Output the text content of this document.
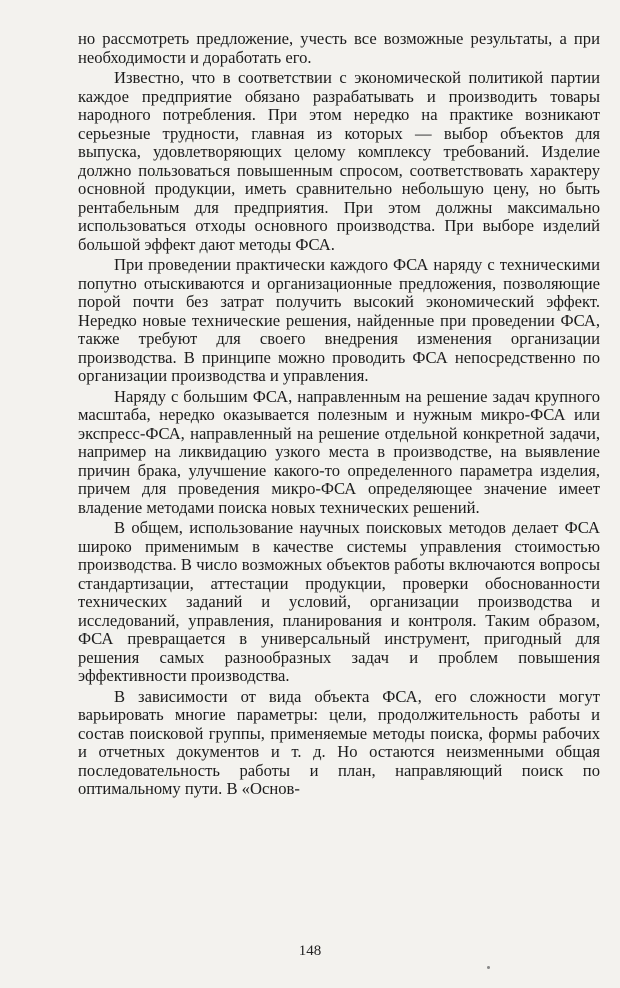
но рассмотреть предложение, учесть все возможные результаты, а при необходимости и доработать его.

Известно, что в соответствии с экономической политикой партии каждое предприятие обязано разрабатывать и производить товары народного потребления. При этом нередко на практике возникают серьезные трудности, главная из которых — выбор объектов для выпуска, удовлетворяющих целому комплексу требований. Изделие должно пользоваться повышенным спросом, соответствовать характеру основной продукции, иметь сравнительно небольшую цену, но быть рентабельным для предприятия. При этом должны максимально использоваться отходы основного производства. При выборе изделий большой эффект дают методы ФСА.

При проведении практически каждого ФСА наряду с техническими попутно отыскиваются и организационные предложения, позволяющие порой почти без затрат получить высокий экономический эффект. Нередко новые технические решения, найденные при проведении ФСА, также требуют для своего внедрения изменения организации производства. В принципе можно проводить ФСА непосредственно по организации производства и управления.

Наряду с большим ФСА, направленным на решение задач крупного масштаба, нередко оказывается полезным и нужным микро-ФСА или экспресс-ФСА, направленный на решение отдельной конкретной задачи, например на ликвидацию узкого места в производстве, на выявление причин брака, улучшение какого-то определенного параметра изделия, причем для проведения микро-ФСА определяющее значение имеет владение методами поиска новых технических решений.

В общем, использование научных поисковых методов делает ФСА широко применимым в качестве системы управления стоимостью производства. В число возможных объектов работы включаются вопросы стандартизации, аттестации продукции, проверки обоснованности технических заданий и условий, организации производства и исследований, управления, планирования и контроля. Таким образом, ФСА превращается в универсальный инструмент, пригодный для решения самых разнообразных задач и проблем повышения эффективности производства.

В зависимости от вида объекта ФСА, его сложности могут варьировать многие параметры: цели, продолжительность работы и состав поисковой группы, применяемые методы поиска, формы рабочих и отчетных документов и т. д. Но остаются неизменными общая последовательность работы и план, направляющий поиск по оптимальному пути. В «Основ-

148
